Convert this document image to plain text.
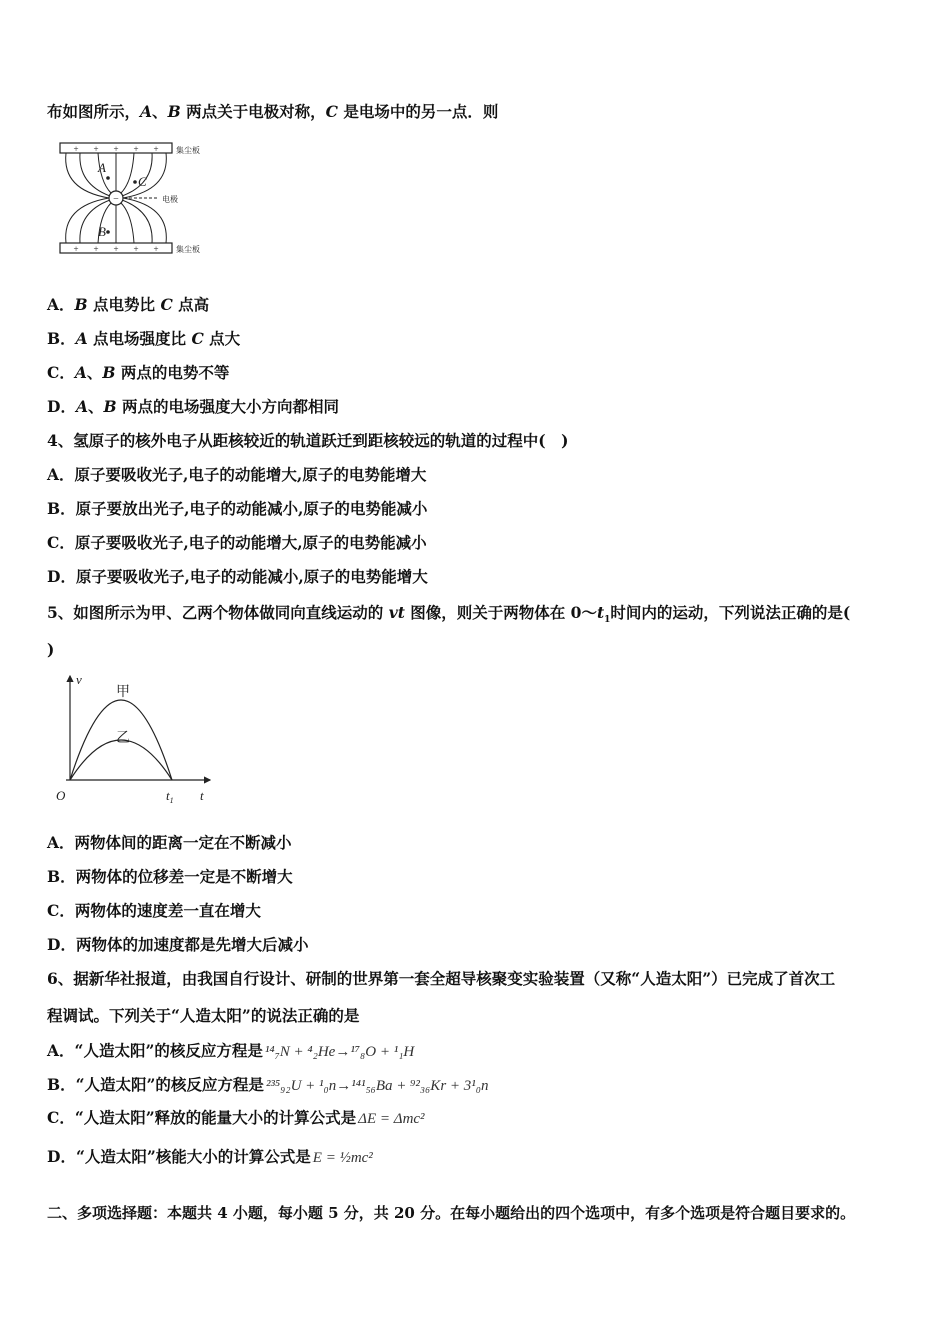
布如图所示，A、B 两点关于电极对称，C 是电场中的另一点．则
+ + + + +
+ + + + +
−	电极
集尘板
集尘板
A
C
B
A．B 点电势比 C 点高
B．A 点电场强度比 C 点大
C．A、B 两点的电势不等
D．A、B 两点的电场强度大小方向都相同
4、氢原子的核外电子从距核较近的轨道跃迁到距核较远的轨道的过程中(　)
A．原子要吸收光子,电子的动能增大,原子的电势能增大
B．原子要放出光子,电子的动能减小,原子的电势能减小
C．原子要吸收光子,电子的动能增大,原子的电势能减小
D．原子要吸收光子,电子的动能减小,原子的电势能增大
5、如图所示为甲、乙两个物体做同向直线运动的 vt 图像，则关于两物体在 $0\sim t_1$时间内的运动，下列说法正确的是(
)
v
t
O	$t_1$
甲
乙
A．两物体间的距离一定在不断减小
B．两物体的位移差一定是不断增大
C．两物体的速度差一直在增大
D．两物体的加速度都是先增大后减小
6、据新华社报道，由我国自行设计、研制的世界第一套全超导核聚变实验装置（又称“人造太阳”）已完成了首次工
程调试。下列关于“人造太阳”的说法正确的是
A．“人造太阳”的核反应方程是 ¹⁴₇N + ⁴₂He→¹⁷₈O + ¹₁H
B．“人造太阳”的核反应方程是 ²³⁵₉₂U + ¹₀n→¹⁴¹₅₆Ba + ⁹²₃₆Kr + 3¹₀n
C．“人造太阳”释放的能量大小的计算公式是 ΔE = Δmc²
D．“人造太阳”核能大小的计算公式是 E = ½mc²
二、多项选择题：本题共 4 小题，每小题 5 分，共 20 分。在每小题给出的四个选项中，有多个选项是符合题目要求的。
